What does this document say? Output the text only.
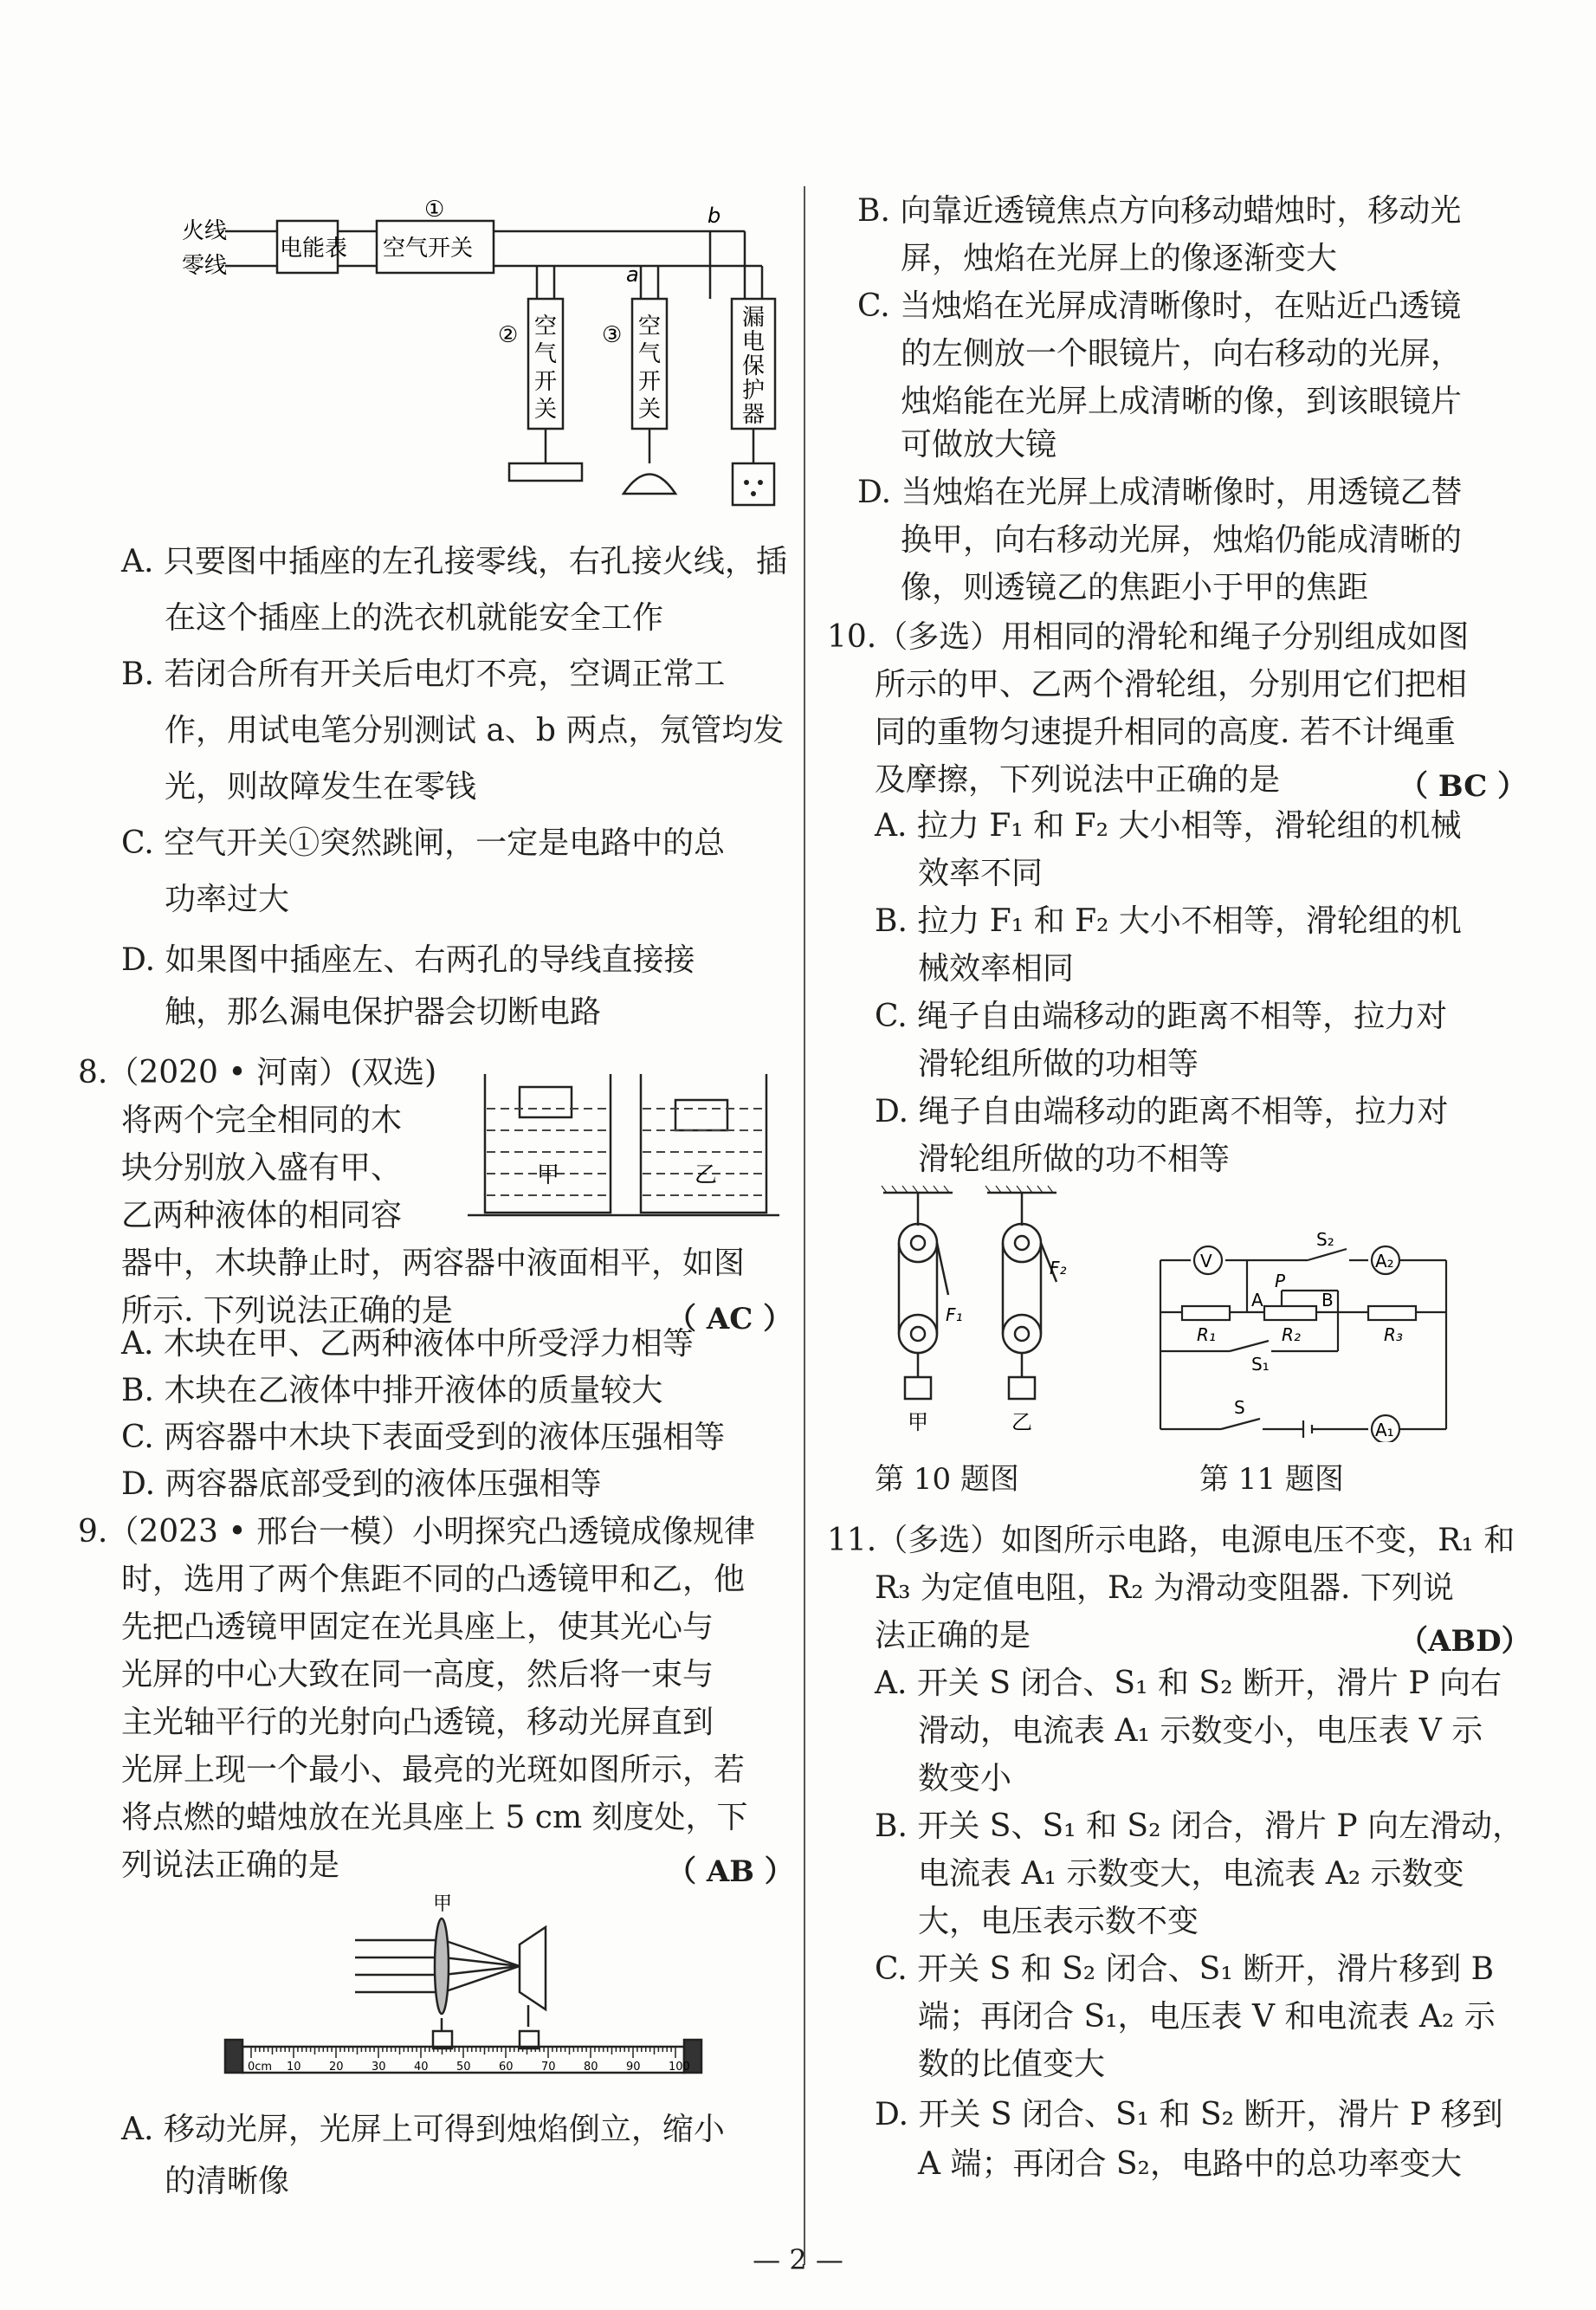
火线
零线
电能表 空气开关
①
②	③
b
a
空气开关
空气开关
漏电保护器
A. 只要图中插座的左孔接零线，右孔接火线，插
在这个插座上的洗衣机就能安全工作
B. 若闭合所有开关后电灯不亮，空调正常工
作，用试电笔分别测试 a、b 两点，氖管均发
光，则故障发生在零钱
C. 空气开关①突然跳闸，一定是电路中的总
功率过大
D. 如果图中插座左、右两孔的导线直接接
触，那么漏电保护器会切断电路
8.（2020 • 河南）(双选)
将两个完全相同的木
块分别放入盛有甲、
乙两种液体的相同容
器中，木块静止时，两容器中液面相平，如图
所示. 下列说法正确的是	（ AC ）
甲	乙
A. 木块在甲、乙两种液体中所受浮力相等
B. 木块在乙液体中排开液体的质量较大
C. 两容器中木块下表面受到的液体压强相等
D. 两容器底部受到的液体压强相等
9.（2023 • 邢台一模）小明探究凸透镜成像规律
时，选用了两个焦距不同的凸透镜甲和乙，他
先把凸透镜甲固定在光具座上，使其光心与
光屏的中心大致在同一高度，然后将一束与
主光轴平行的光射向凸透镜，移动光屏直到
光屏上现一个最小、最亮的光斑如图所示，若
将点燃的蜡烛放在光具座上 5 cm 刻度处，下
列说法正确的是	（ AB ）
甲
0cm 10 20 30 40 50 60 70 80 90 100
A. 移动光屏，光屏上可得到烛焰倒立，缩小
的清晰像
B. 向靠近透镜焦点方向移动蜡烛时，移动光
屏，烛焰在光屏上的像逐渐变大
C. 当烛焰在光屏成清晰像时，在贴近凸透镜
的左侧放一个眼镜片，向右移动的光屏，
烛焰能在光屏上成清晰的像，到该眼镜片
可做放大镜
D. 当烛焰在光屏上成清晰像时，用透镜乙替
换甲，向右移动光屏，烛焰仍能成清晰的
像，则透镜乙的焦距小于甲的焦距
10.（多选）用相同的滑轮和绳子分别组成如图
所示的甲、乙两个滑轮组，分别用它们把相
同的重物匀速提升相同的高度. 若不计绳重
及摩擦，下列说法中正确的是	（ BC ）
A. 拉力 F₁ 和 F₂ 大小相等，滑轮组的机械
效率不同
B. 拉力 F₁ 和 F₂ 大小不相等，滑轮组的机
械效率相同
C. 绳子自由端移动的距离不相等，拉力对
滑轮组所做的功相等
D. 绳子自由端移动的距离不相等，拉力对
滑轮组所做的功不相等
F₁
F₂
甲	乙
第 10 题图
V
S₂
A₂
A
P
B
R₁	R₂	R₃
S₁
S
A₁
第 11 题图
11.（多选）如图所示电路，电源电压不变，R₁ 和
R₃ 为定值电阻，R₂ 为滑动变阻器. 下列说
法正确的是	（ABD）
A. 开关 S 闭合、S₁ 和 S₂ 断开，滑片 P 向右
滑动，电流表 A₁ 示数变小，电压表 V 示
数变小
B. 开关 S、S₁ 和 S₂ 闭合，滑片 P 向左滑动，
电流表 A₁ 示数变大，电流表 A₂ 示数变
大，电压表示数不变
C. 开关 S 和 S₂ 闭合、S₁ 断开，滑片移到 B
端；再闭合 S₁，电压表 V 和电流表 A₂ 示
数的比值变大
D. 开关 S 闭合、S₁ 和 S₂ 断开，滑片 P 移到
A 端；再闭合 S₂，电路中的总功率变大
— 2 —
